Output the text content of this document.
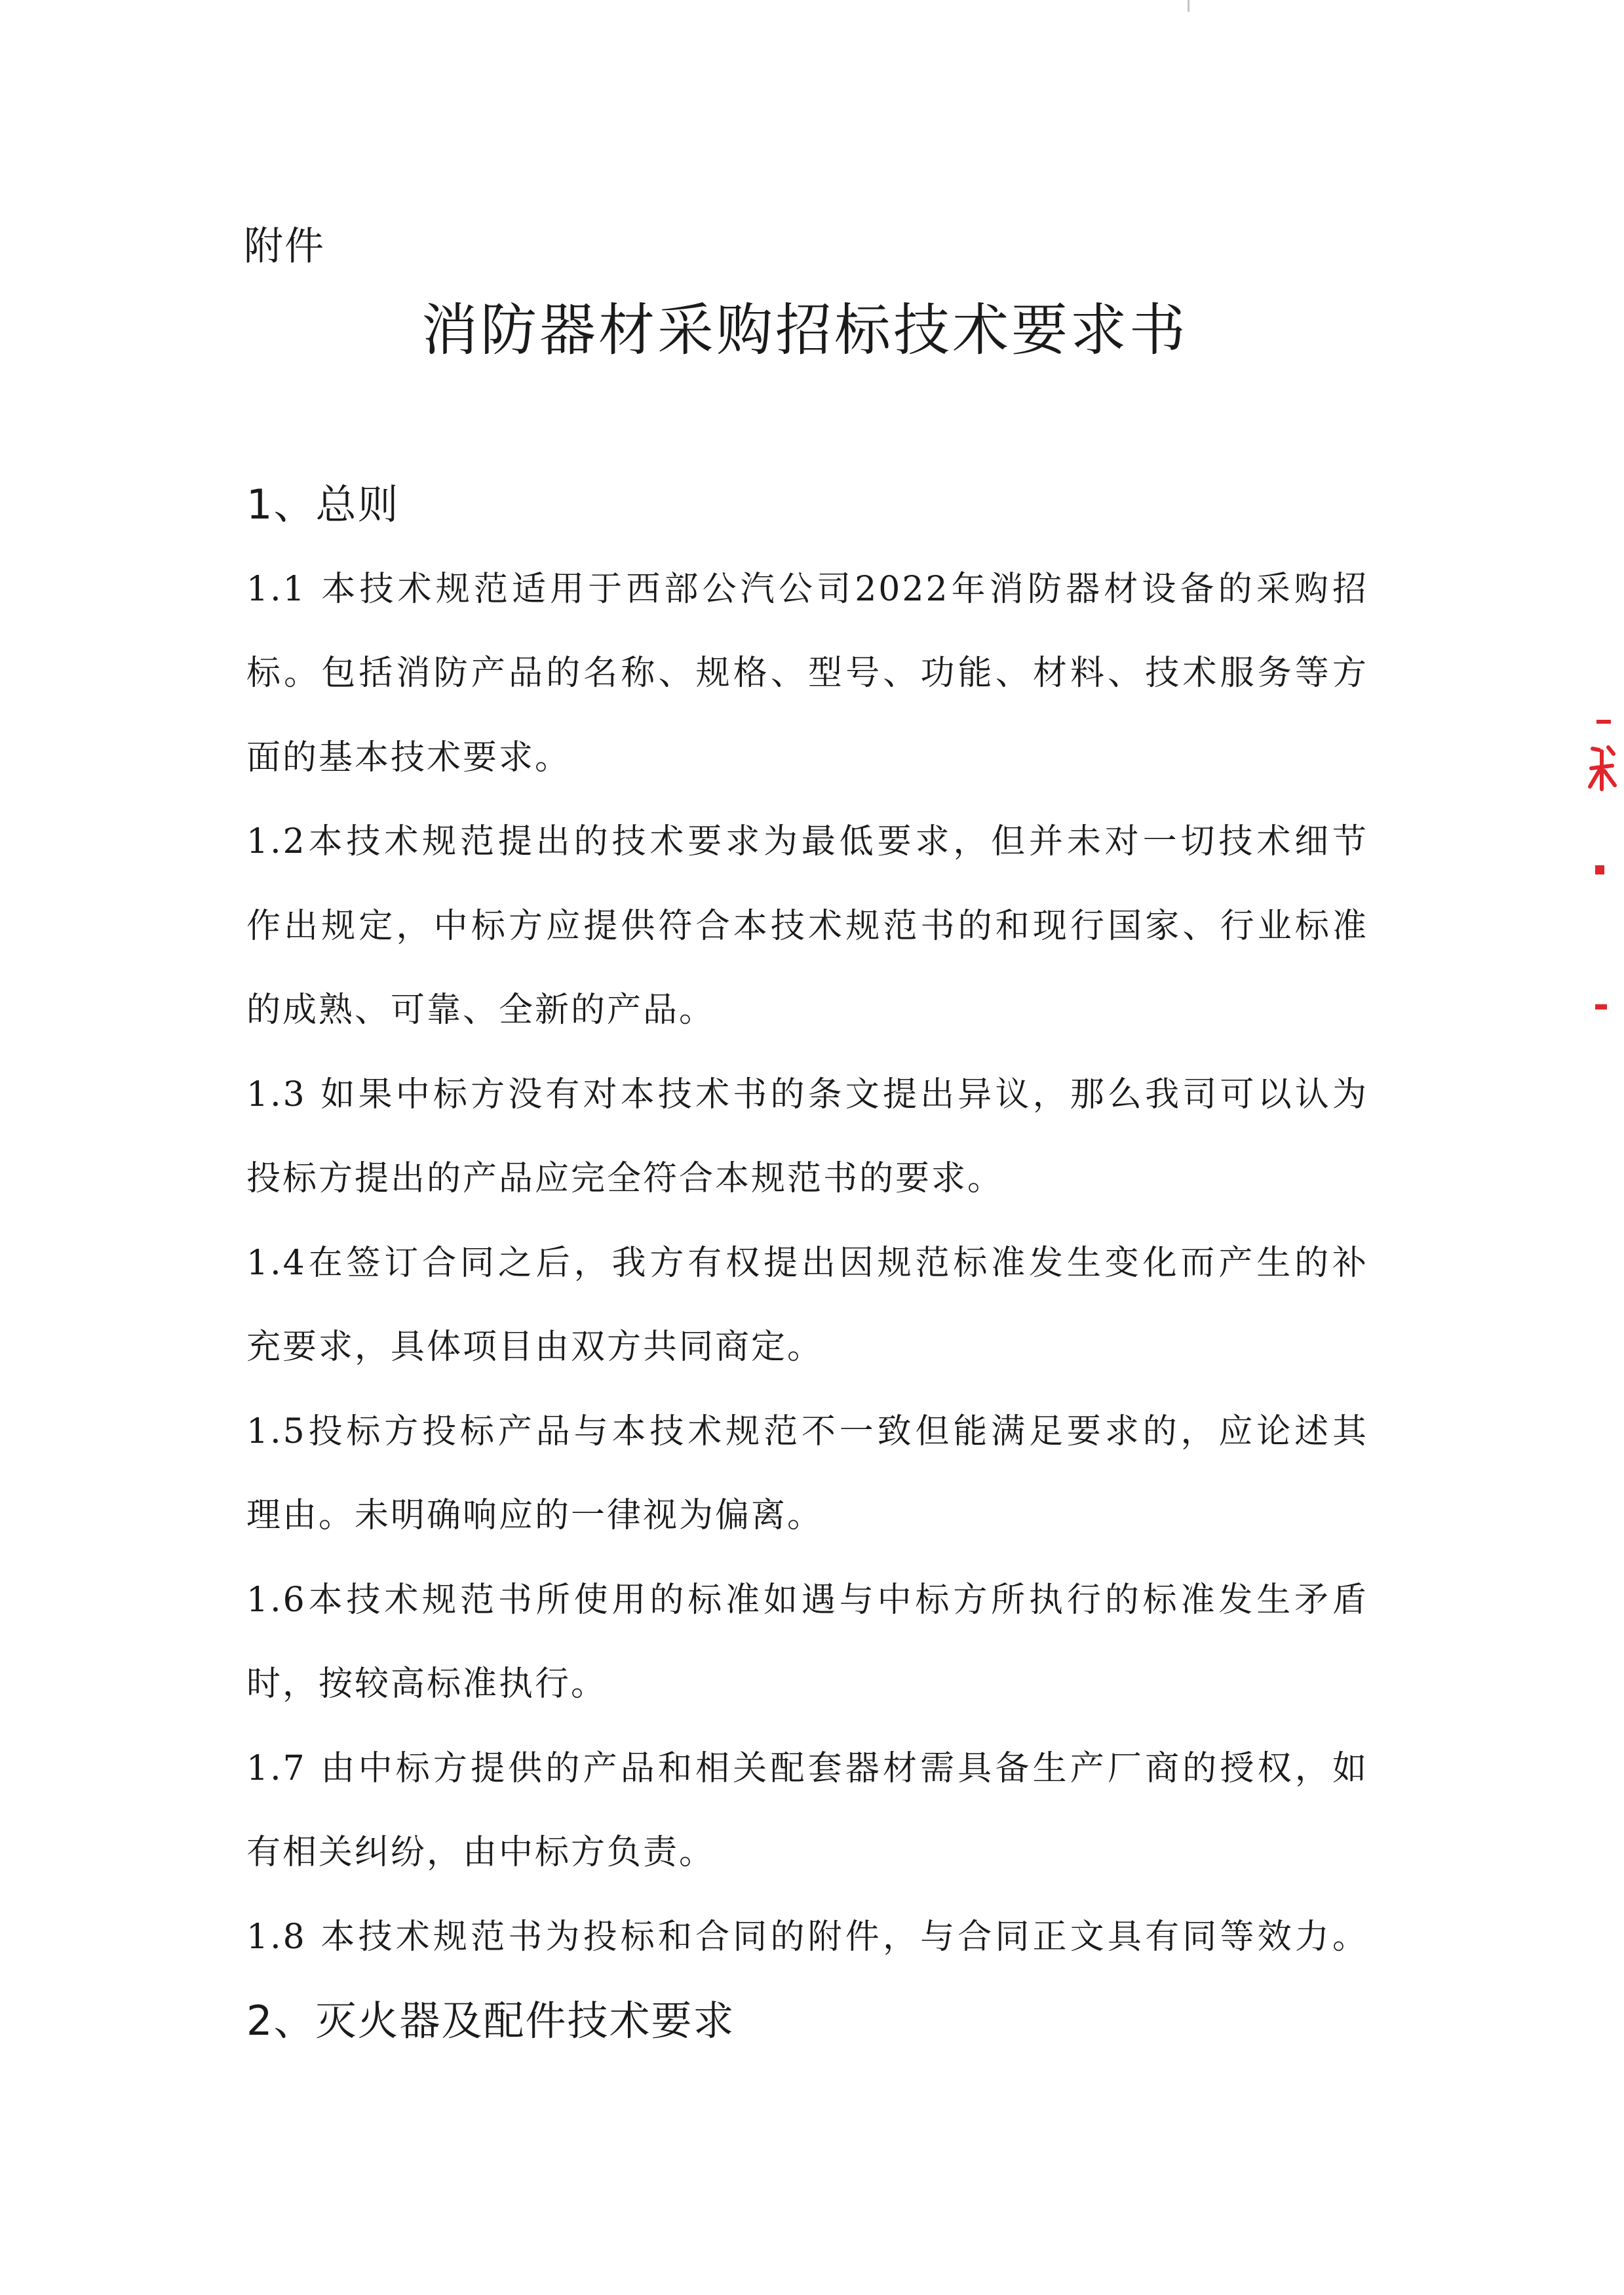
附件
消防器材采购招标技术要求书
1、总则
1.1 本技术规范适用于西部公汽公司2022年消防器材设备的采购招
标。包括消防产品的名称、规格、型号、功能、材料、技术服务等方
面的基本技术要求。
1.2本技术规范提出的技术要求为最低要求，但并未对一切技术细节
作出规定，中标方应提供符合本技术规范书的和现行国家、行业标准
的成熟、可靠、全新的产品。
1.3 如果中标方没有对本技术书的条文提出异议，那么我司可以认为
投标方提出的产品应完全符合本规范书的要求。
1.4在签订合同之后，我方有权提出因规范标准发生变化而产生的补
充要求，具体项目由双方共同商定。
1.5投标方投标产品与本技术规范不一致但能满足要求的，应论述其
理由。未明确响应的一律视为偏离。
1.6本技术规范书所使用的标准如遇与中标方所执行的标准发生矛盾
时，按较高标准执行。
1.7 由中标方提供的产品和相关配套器材需具备生产厂商的授权，如
有相关纠纷，由中标方负责。
1.8 本技术规范书为投标和合同的附件，与合同正文具有同等效力。
2、灭火器及配件技术要求
